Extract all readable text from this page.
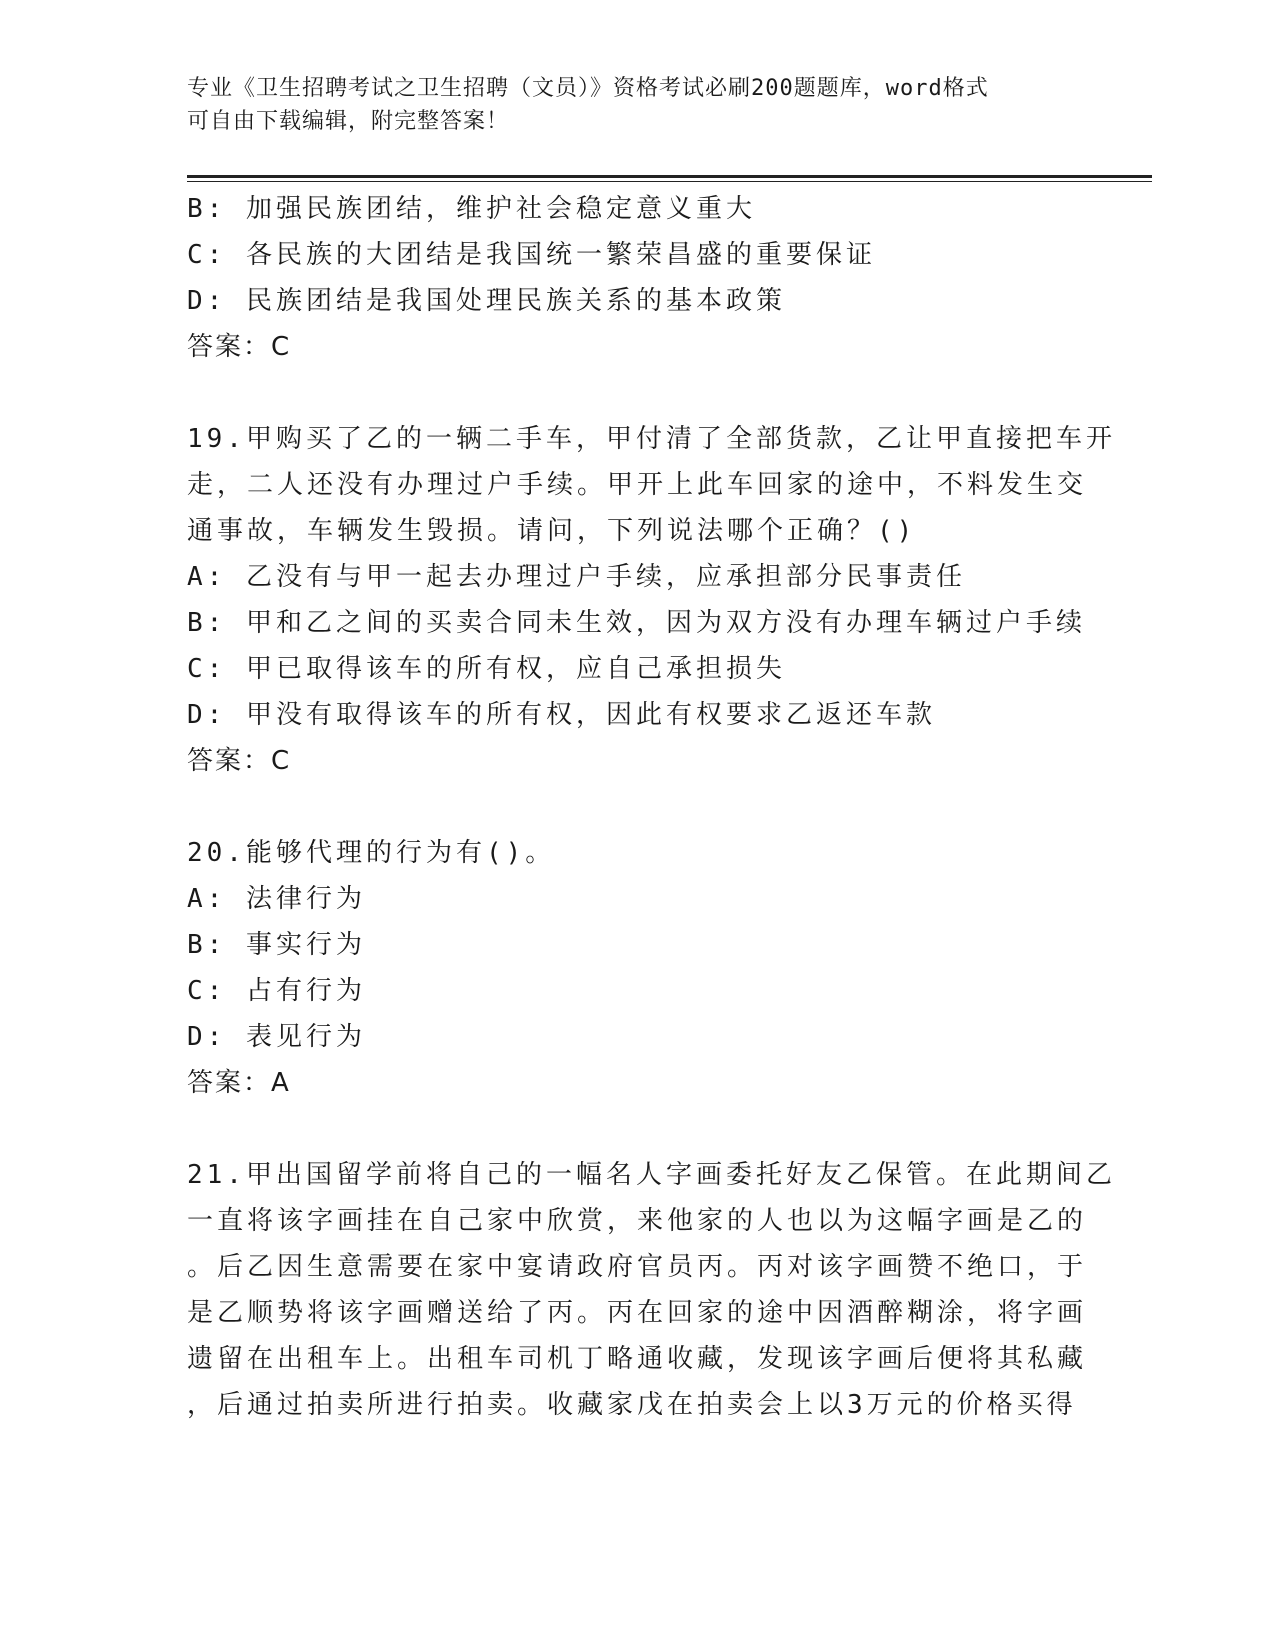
专业《卫生招聘考试之卫生招聘（文员）》资格考试必刷200题题库，word格式
可自由下载编辑，附完整答案！
B: 加强民族团结，维护社会稳定意义重大
C: 各民族的大团结是我国统一繁荣昌盛的重要保证
D: 民族团结是我国处理民族关系的基本政策
答案：C
19.甲购买了乙的一辆二手车，甲付清了全部货款，乙让甲直接把车开
走，二人还没有办理过户手续。甲开上此车回家的途中，不料发生交
通事故，车辆发生毁损。请问，下列说法哪个正确？()
A: 乙没有与甲一起去办理过户手续，应承担部分民事责任
B: 甲和乙之间的买卖合同未生效，因为双方没有办理车辆过户手续
C: 甲已取得该车的所有权，应自己承担损失
D: 甲没有取得该车的所有权，因此有权要求乙返还车款
答案：C
20.能够代理的行为有()。
A: 法律行为
B: 事实行为
C: 占有行为
D: 表见行为
答案：A
21.甲出国留学前将自己的一幅名人字画委托好友乙保管。在此期间乙
一直将该字画挂在自己家中欣赏，来他家的人也以为这幅字画是乙的
。后乙因生意需要在家中宴请政府官员丙。丙对该字画赞不绝口，于
是乙顺势将该字画赠送给了丙。丙在回家的途中因酒醉糊涂，将字画
遗留在出租车上。出租车司机丁略通收藏，发现该字画后便将其私藏
，后通过拍卖所进行拍卖。收藏家戊在拍卖会上以3万元的价格买得
